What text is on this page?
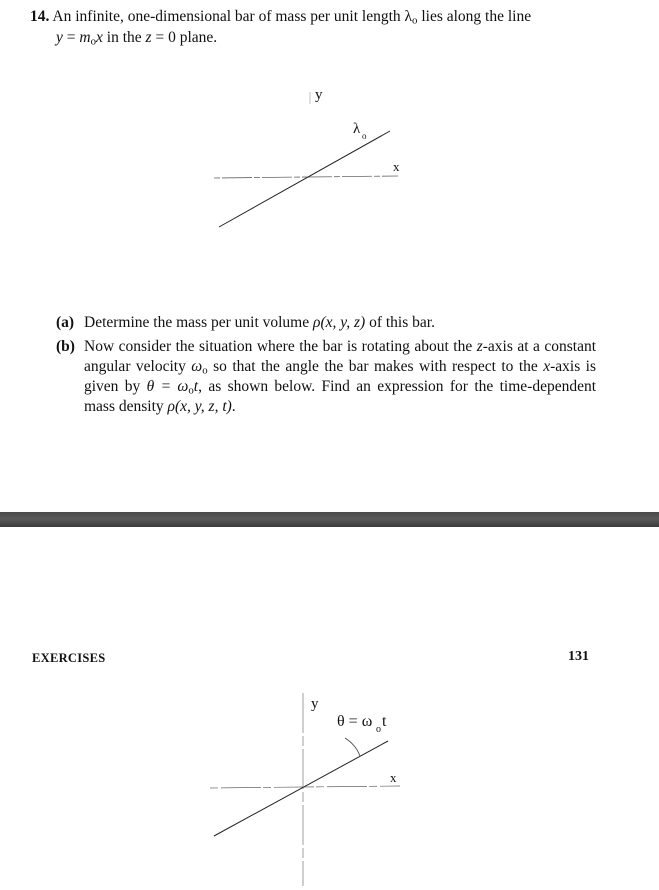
14. An infinite, one-dimensional bar of mass per unit length $\lambda_o$ lies along the line
$y = m_ox$ in the z = 0 plane.
y
x
λ o
(a) Determine the mass per unit volume ρ(x, y, z) of this bar.
(b) Now consider the situation where the bar is rotating about the z-axis at a constant angular velocity $\omega_o$ so that the angle the bar makes with respect to the x-axis is given by $\theta = \omega_ot$, as shown below. Find an expression for the time-dependent mass density ρ(x, y, z, t).
EXERCISES	131
y
x
θ = ω o t
